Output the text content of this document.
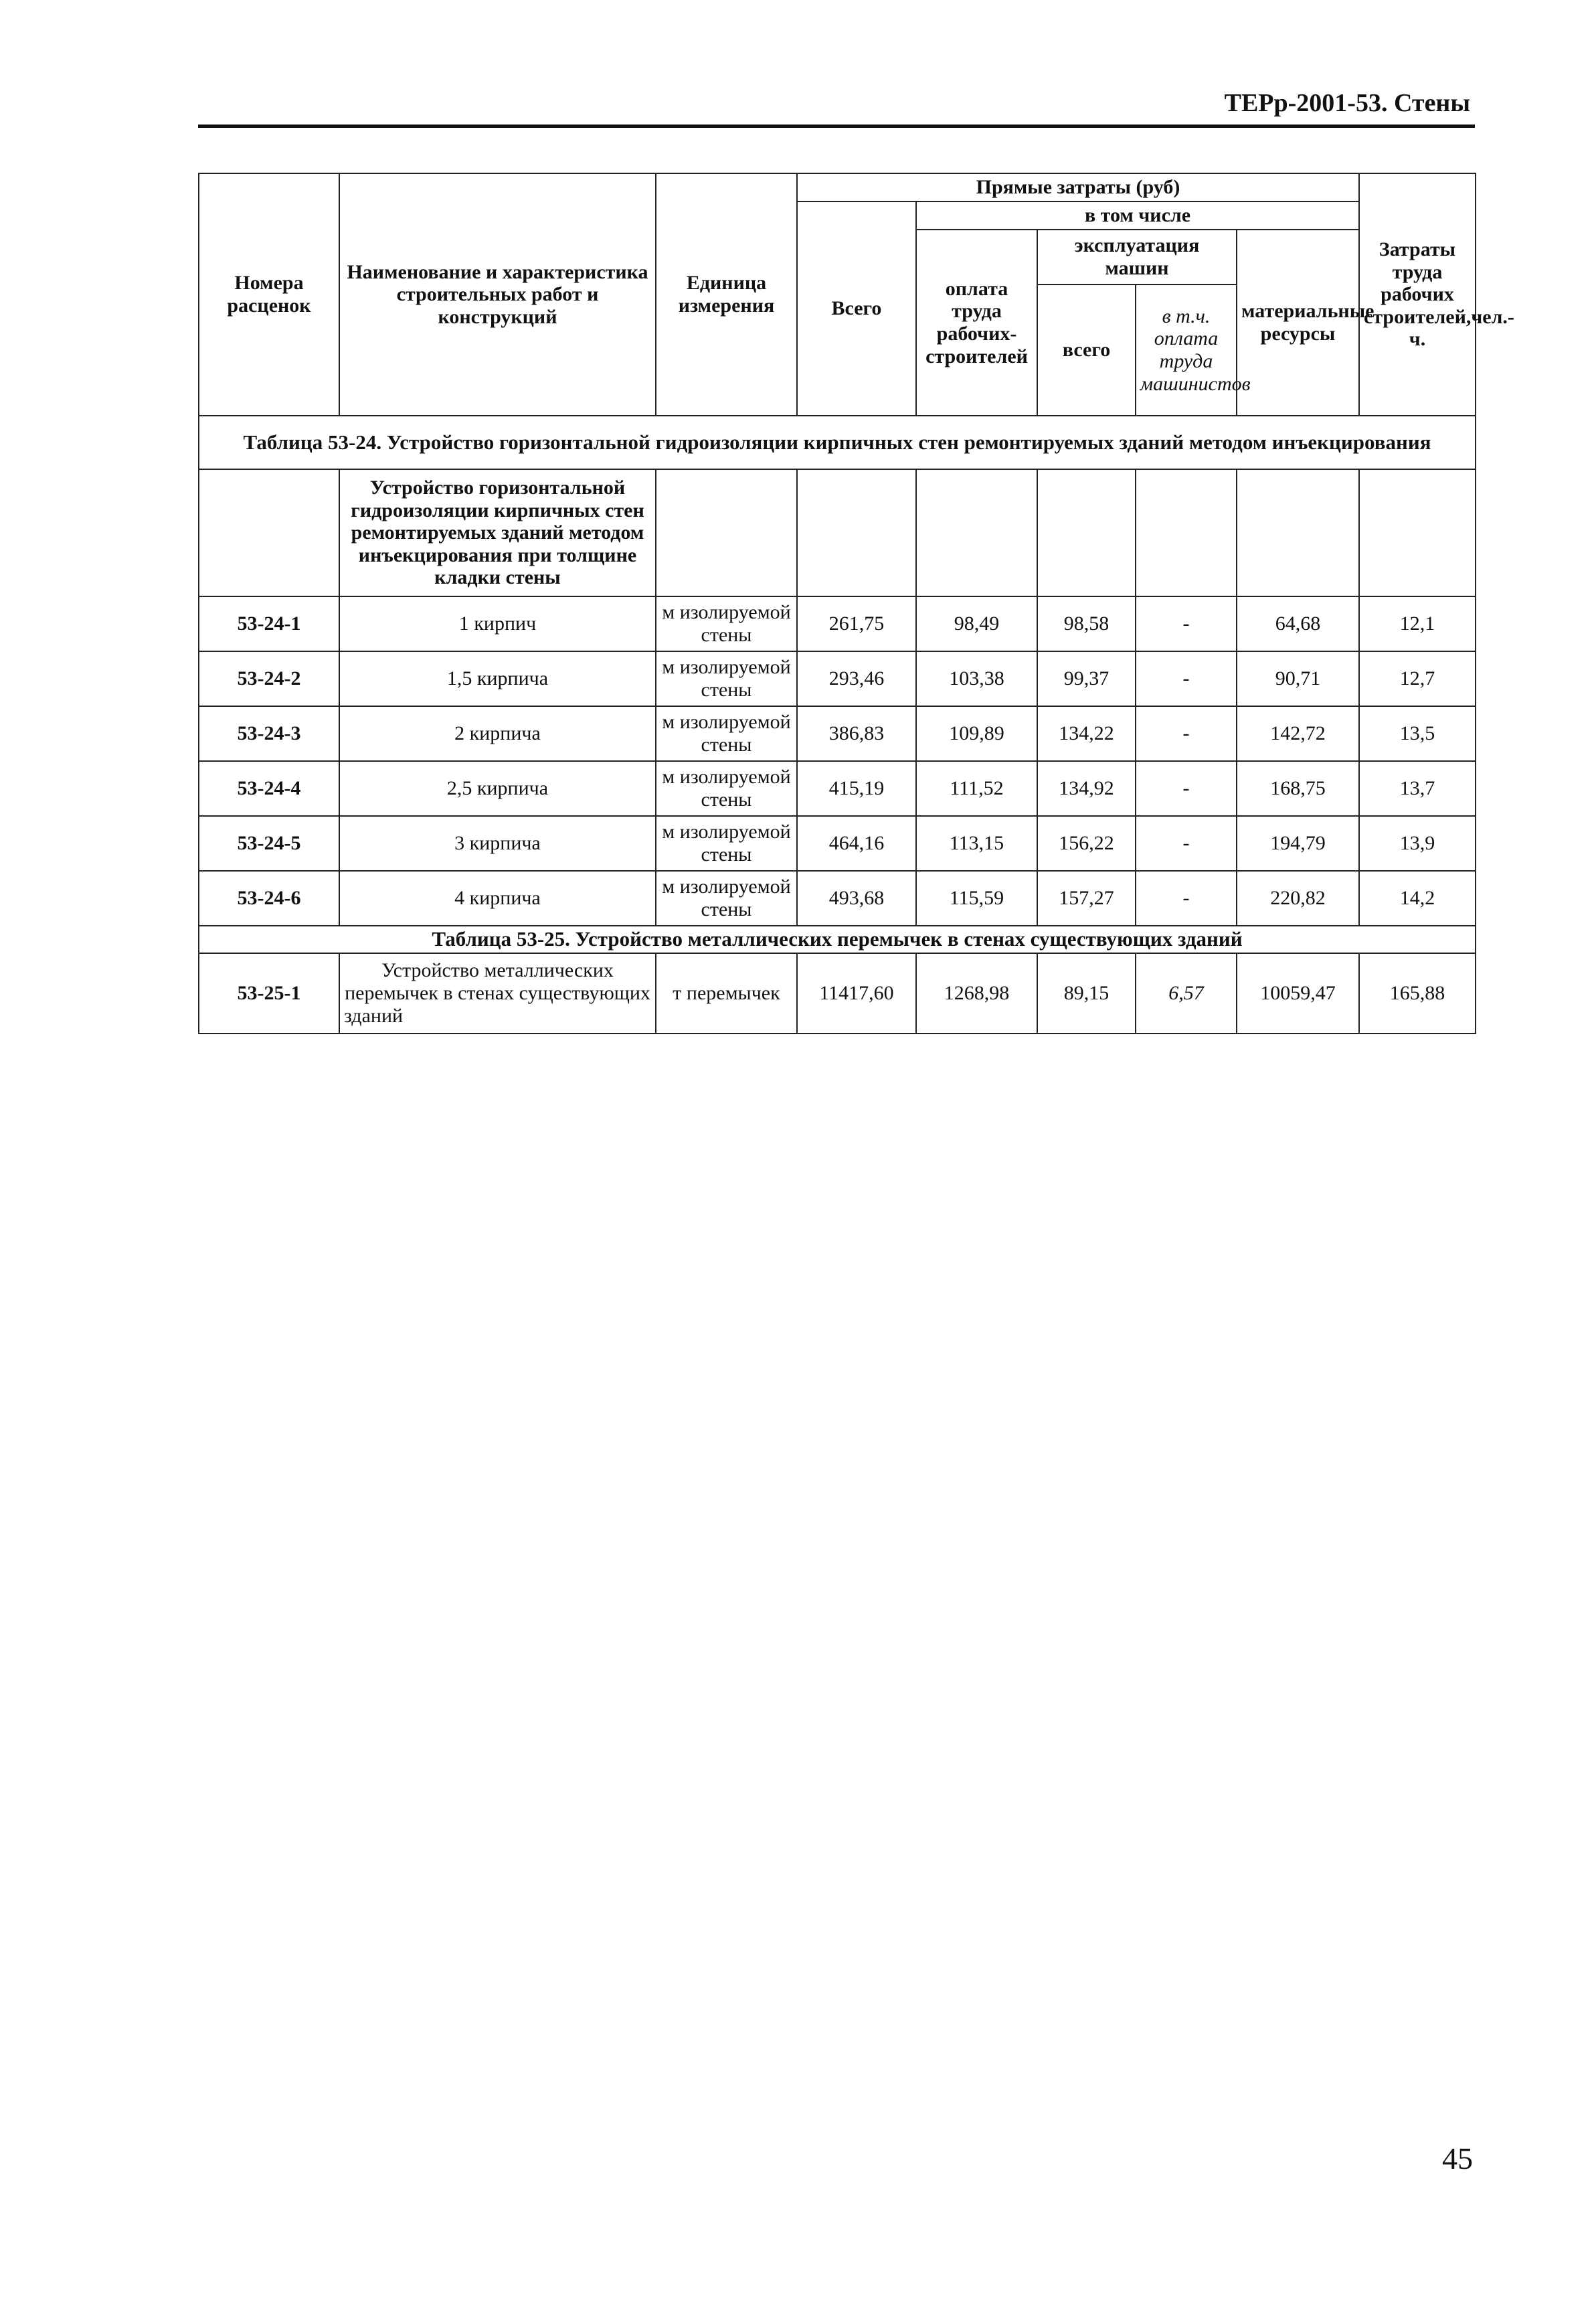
ТЕРр-2001-53. Стены
Номера расценок	Наименование и характеристика строительных работ и конструкций	Единица измерения	Прямые затраты (руб)					Затраты труда рабочих строителей,чел.-ч.
			Всего	в том числе				
				оплата труда рабочих-строителей	эксплуатация машин		материальные ресурсы	
					всего	в т.ч. оплата труда машинистов		
Таблица 53-24. Устройство горизонтальной гидроизоляции кирпичных стен ремонтируемых зданий методом инъекцирования								
	Устройство горизонтальной гидроизоляции кирпичных стен ремонтируемых зданий методом инъекцирования при толщине кладки стены							
53-24-1	1 кирпич	м изолируемой стены	261,75	98,49	98,58	-	64,68	12,1
53-24-2	1,5 кирпича	м изолируемой стены	293,46	103,38	99,37	-	90,71	12,7
53-24-3	2 кирпича	м изолируемой стены	386,83	109,89	134,22	-	142,72	13,5
53-24-4	2,5 кирпича	м изолируемой стены	415,19	111,52	134,92	-	168,75	13,7
53-24-5	3 кирпича	м изолируемой стены	464,16	113,15	156,22	-	194,79	13,9
53-24-6	4 кирпича	м изолируемой стены	493,68	115,59	157,27	-	220,82	14,2
Таблица 53-25. Устройство металлических перемычек в стенах существующих зданий								
53-25-1	Устройство металлических перемычек в стенах существующих зданий	т перемычек	11417,60	1268,98	89,15	6,57	10059,47	165,88
45
